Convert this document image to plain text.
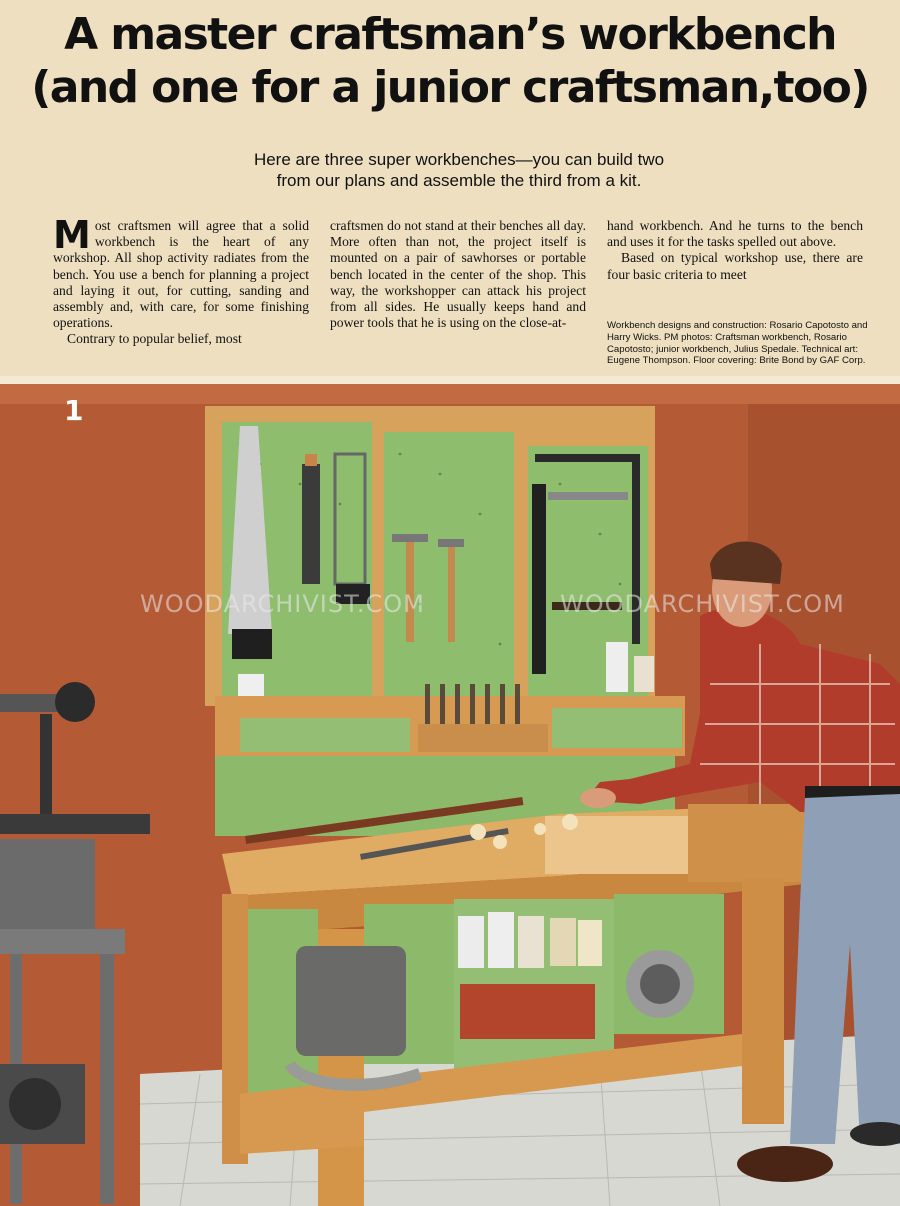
A master craftsman’s workbench
(and one for a junior craftsman,too)
Here are three super workbenches—you can build two
from our plans and assemble the third from a kit.

Most craftsmen will agree that a solid workbench is the heart of any workshop. All shop activity radiates from the bench. You use a bench for planning a project and laying it out, for cutting, sanding and assembly and, with care, for some finishing operations.

Contrary to popular belief, most

craftsmen do not stand at their benches all day. More often than not, the project itself is mounted on a pair of sawhorses or portable bench located in the center of the shop. This way, the workshopper can attack his project from all sides. He usually keeps hand and power tools that he is using on the close-at-

hand workbench. And he turns to the bench and uses it for the tasks spelled out above.

Based on typical workshop use, there are four basic criteria to meet

Workbench designs and construction: Rosario Capotosto and Harry Wicks. PM photos: Craftsman workbench, Rosario Capotosto; junior workbench, Julius Spedale. Technical art: Eugene Thompson. Floor covering: Brite Bond by GAF Corp.
1
WOODARCHIVIST.COM	WOODARCHIVIST.COM
